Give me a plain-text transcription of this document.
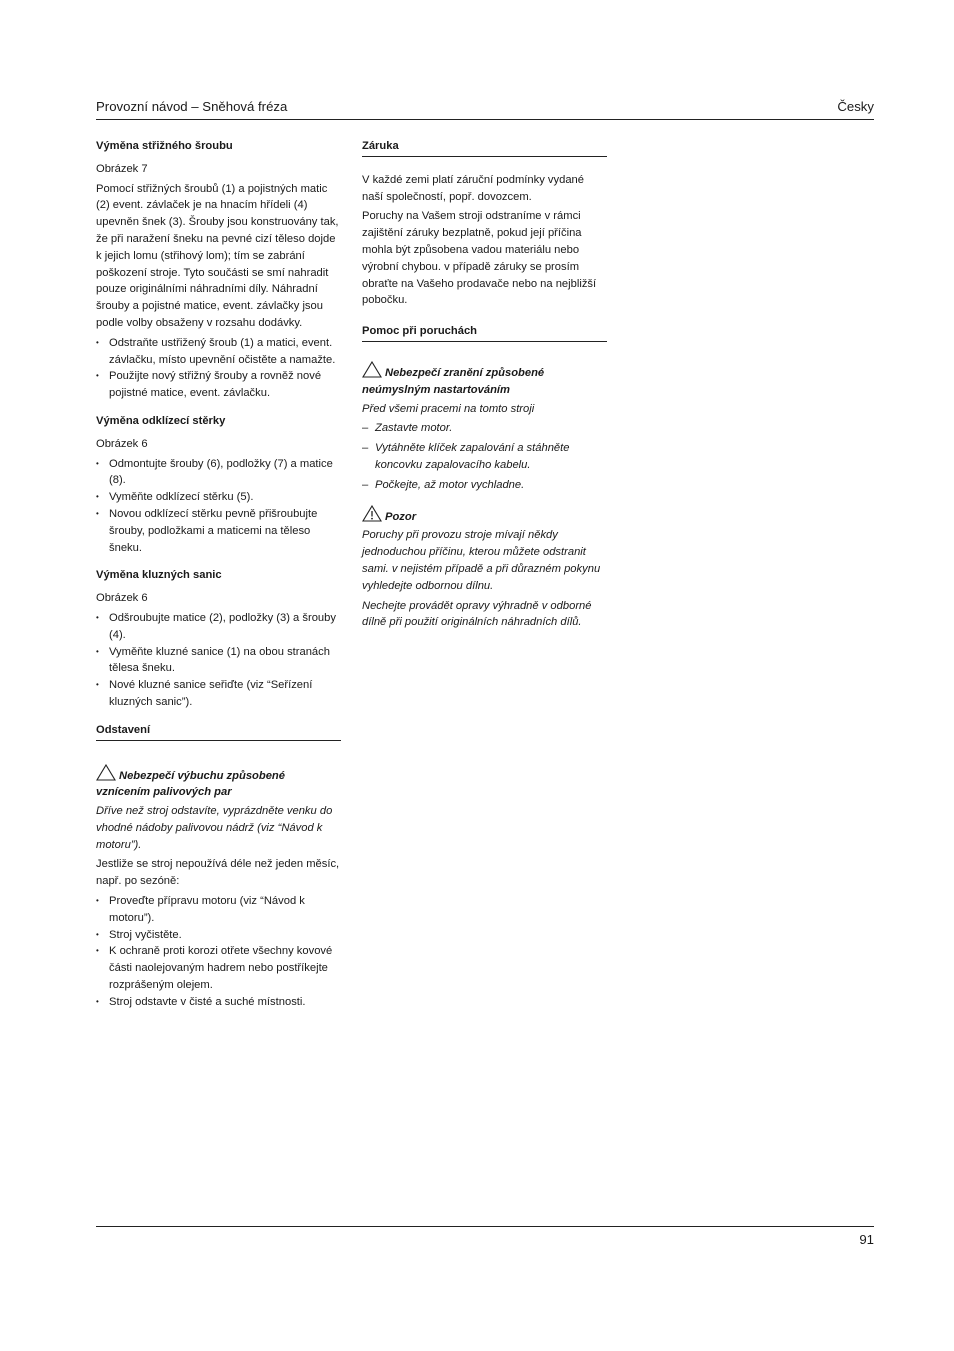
Provozní návod – Sněhová fréza	Česky
Výměna střižného šroubu

Obrázek 7

Pomocí střižných šroubů (1) a pojistných matic (2) event. závlaček je na hnacím hřídeli (4) upevněn šnek (3). Šrouby jsou konstruovány tak, že při naražení šneku na pevné cizí těleso dojde k jejich lomu (střihový lom); tím se zabrání poškození stroje. Tyto součásti se smí nahradit pouze originálními náhradními díly. Náhradní šrouby a pojistné matice, event. závlačky jsou podle volby obsaženy v rozsahu dodávky.

• Odstraňte ustřižený šroub (1) a matici, event. závlačku, místo upevnění očistěte a namažte.
• Použijte nový střižný šrouby a rovněž nové pojistné matice, event. závlačku.
Výměna odklízecí stěrky

Obrázek 6

• Odmontujte šrouby (6), podložky (7) a matice (8).
• Vyměňte odklízecí stěrku (5).
• Novou odklízecí stěrku pevně přišroubujte šrouby, podložkami a maticemi na těleso šneku.
Výměna kluzných sanic

Obrázek 6

• Odšroubujte matice (2), podložky (3) a šrouby (4).
• Vyměňte kluzné sanice (1) na obou stranách tělesa šneku.
• Nové kluzné sanice seřiďte (viz “Seřízení kluzných sanic”).
Odstavení

Nebezpečí výbuchu způsobené vznícením palivových par

Dříve než stroj odstavíte, vyprázdněte venku do vhodné nádoby palivovou nádrž (viz “Návod k motoru”).

Jestliže se stroj nepoužívá déle než jeden měsíc, např. po sezóně:

• Proveďte přípravu motoru (viz “Návod k motoru”).
• Stroj vyčistěte.
• K ochraně proti korozi otřete všechny kovové části naolejovaným hadrem nebo postříkejte rozprášeným olejem.
• Stroj odstavte v čisté a suché místnosti.
Záruka

V každé zemi platí záruční podmínky vydané naší společností, popř. dovozcem.

Poruchy na Vašem stroji odstraníme v rámci zajištění záruky bezplatně, pokud její příčina mohla být způsobena vadou materiálu nebo výrobní chybou. v případě záruky se prosím obraťte na Vašeho prodavače nebo na nejbližší pobočku.

Pomoc při poruchách

Nebezpečí zranění způsobené neúmyslným nastartováním

Před všemi pracemi na tomto stroji

– Zastavte motor.
– Vytáhněte klíček zapalování a stáhněte koncovku zapalovacího kabelu.
– Počkejte, až motor vychladne.

Pozor

Poruchy při provozu stroje mívají někdy jednoduchou příčinu, kterou můžete odstranit sami. v nejistém případě a při důrazném pokynu vyhledejte odbornou dílnu.

Nechejte provádět opravy výhradně v odborné dílně při použití originálních náhradních dílů.

91
